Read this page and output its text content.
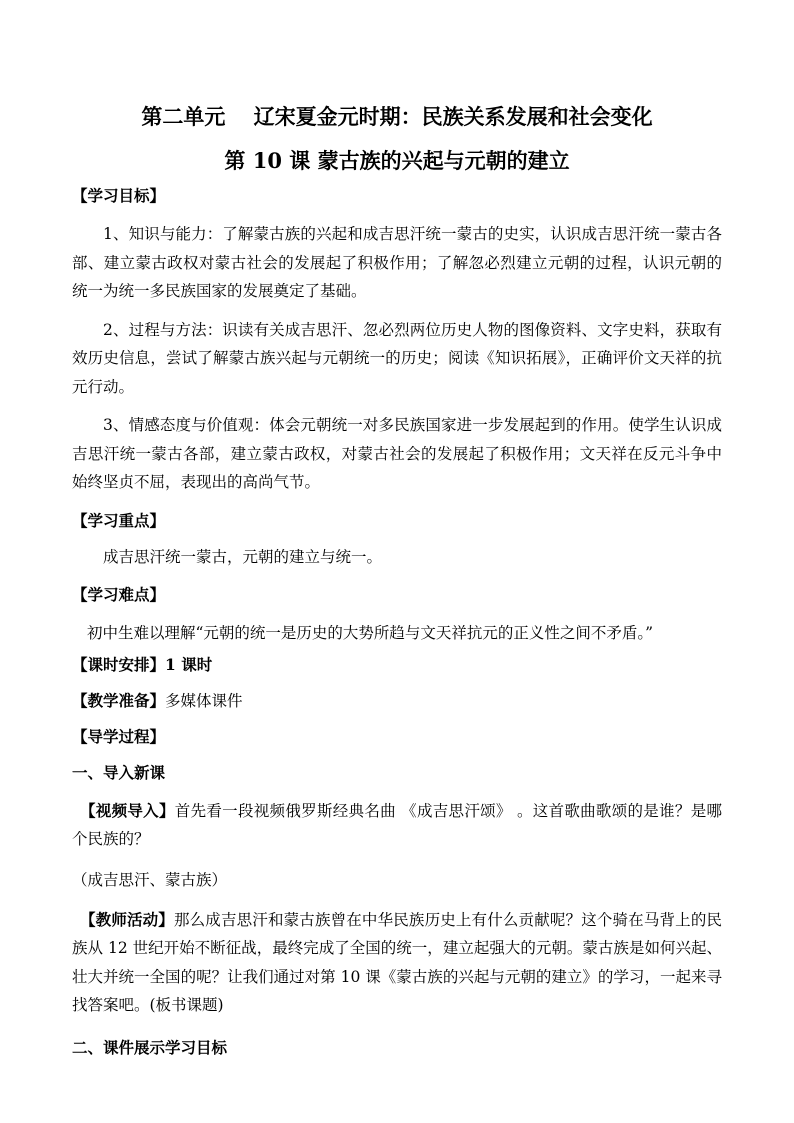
第二单元　 辽宋夏金元时期：民族关系发展和社会变化

第 10 课 蒙古族的兴起与元朝的建立

【学习目标】

1、知识与能力：了解蒙古族的兴起和成吉思汗统一蒙古的史实，认识成吉思汗统一蒙古各部、建立蒙古政权对蒙古社会的发展起了积极作用；了解忽必烈建立元朝的过程，认识元朝的统一为统一多民族国家的发展奠定了基础。

2、过程与方法：识读有关成吉思汗、忽必烈两位历史人物的图像资料、文字史料，获取有效历史信息，尝试了解蒙古族兴起与元朝统一的历史；阅读《知识拓展》，正确评价文天祥的抗元行动。

3、情感态度与价值观：体会元朝统一对多民族国家进一步发展起到的作用。使学生认识成吉思汗统一蒙古各部，建立蒙古政权，对蒙古社会的发展起了积极作用；文天祥在反元斗争中始终坚贞不屈，表现出的高尚气节。

【学习重点】

成吉思汗统一蒙古，元朝的建立与统一。

【学习难点】

初中生难以理解“元朝的统一是历史的大势所趋与文天祥抗元的正义性之间不矛盾。”

【课时安排】1 课时

【教学准备】多媒体课件

【导学过程】

一、导入新课

【视频导入】首先看一段视频俄罗斯经典名曲 《成吉思汗颂》 。这首歌曲歌颂的是谁？是哪个民族的？

（成吉思汗、蒙古族）

【教师活动】那么成吉思汗和蒙古族曾在中华民族历史上有什么贡献呢？这个骑在马背上的民族从 12 世纪开始不断征战，最终完成了全国的统一，建立起强大的元朝。蒙古族是如何兴起、壮大并统一全国的呢？让我们通过对第 10 课《蒙古族的兴起与元朝的建立》的学习，一起来寻找答案吧。(板书课题)

二、课件展示学习目标
